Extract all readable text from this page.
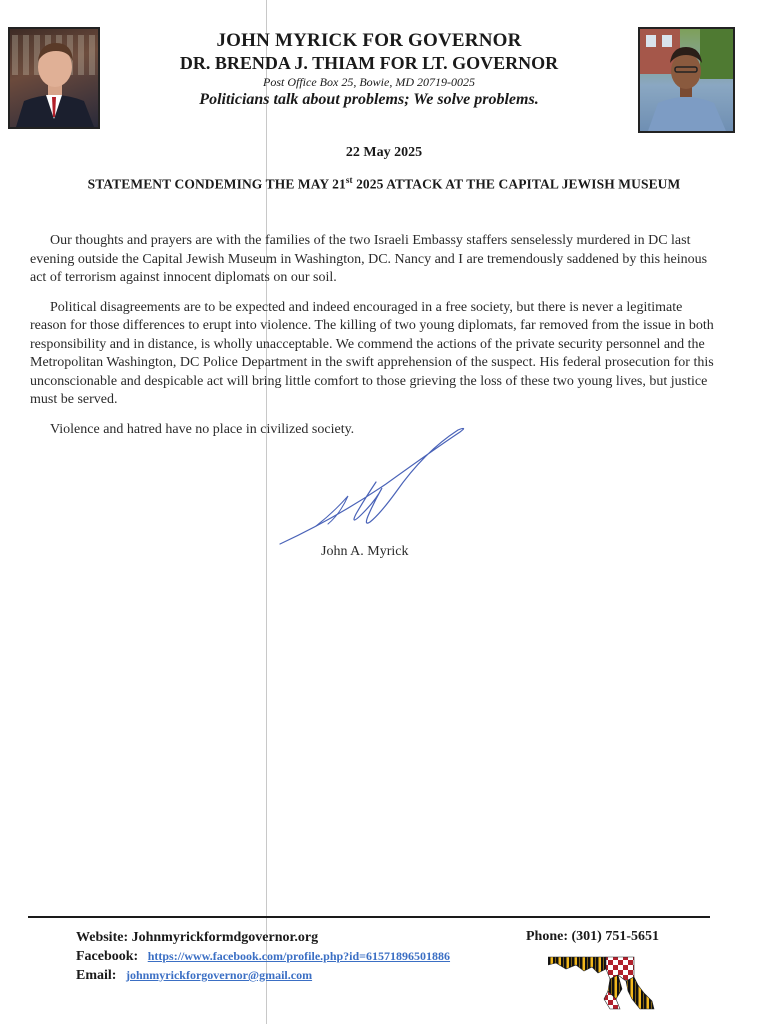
JOHN MYRICK FOR GOVERNOR
DR. BRENDA J. THIAM FOR LT. GOVERNOR
Post Office Box 25, Bowie, MD 20719-0025
Politicians talk about problems; We solve problems.
22 May 2025
STATEMENT CONDEMING THE MAY 21st 2025 ATTACK AT THE CAPITAL JEWISH MUSEUM

Our thoughts and prayers are with the families of the two Israeli Embassy staffers senselessly murdered in DC last evening outside the Capital Jewish Museum in Washington, DC. Nancy and I are tremendously saddened by this heinous act of terrorism against innocent diplomats on our soil.

Political disagreements are to be expected and indeed encouraged in a free society, but there is never a legitimate reason for those differences to erupt into violence. The killing of two young diplomats, far removed from the issue in both responsibility and in distance, is wholly unacceptable. We commend the actions of the private security personnel and the Metropolitan Washington, DC Police Department in the swift apprehension of the suspect. His federal prosecution for this unconscionable and despicable act will bring little comfort to those grieving the loss of these two young lives, but justice must be served.

Violence and hatred have no place in civilized society.

John A. Myrick
Website: Johnmyrickformdgovernor.org
Facebook: https://www.facebook.com/profile.php?id=61571896501886
Email: johnmyrickforgovernor@gmail.com
Phone: (301) 751-5651
